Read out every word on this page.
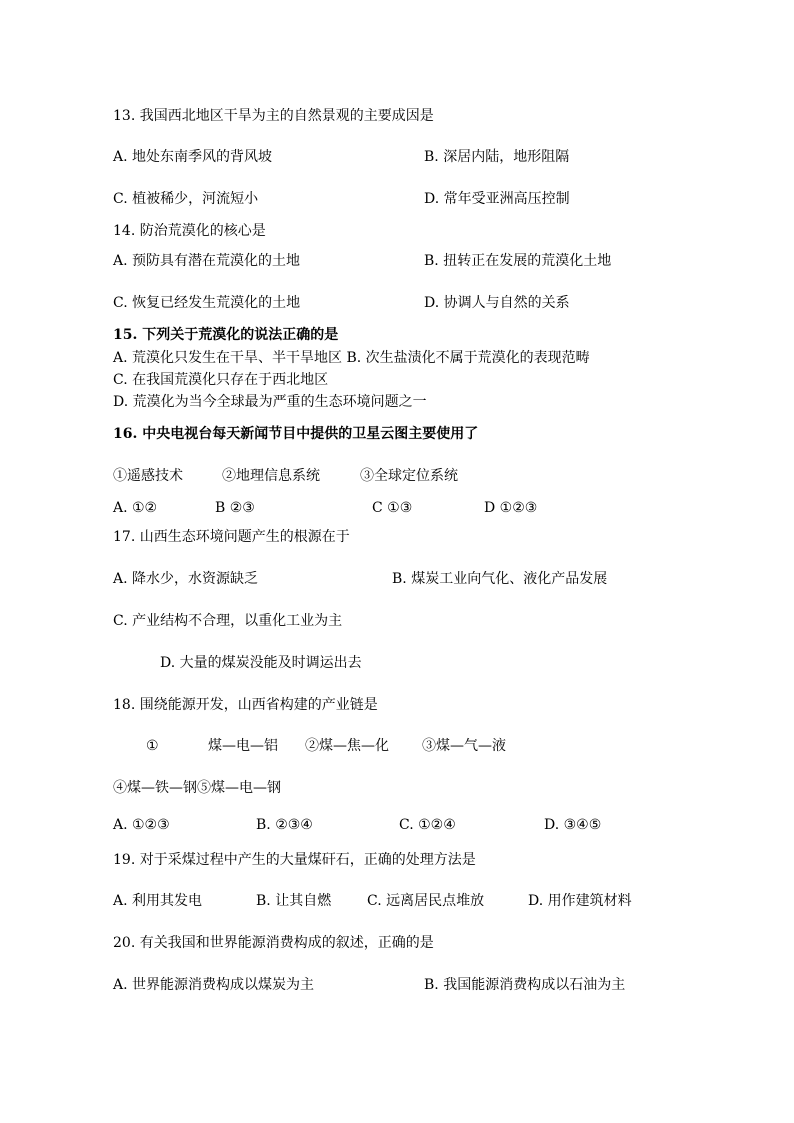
13. 我国西北地区干旱为主的自然景观的主要成因是
A. 地处东南季风的背风坡	B. 深居内陆，地形阻隔
C. 植被稀少，河流短小	D. 常年受亚洲高压控制
14. 防治荒漠化的核心是
A. 预防具有潜在荒漠化的土地	B. 扭转正在发展的荒漠化土地
C. 恢复已经发生荒漠化的土地	D. 协调人与自然的关系
15. 下列关于荒漠化的说法正确的是
A. 荒漠化只发生在干旱、半干旱地区 B. 次生盐渍化不属于荒漠化的表现范畴
C. 在我国荒漠化只存在于西北地区
D. 荒漠化为当今全球最为严重的生态环境问题之一
16. 中央电视台每天新闻节目中提供的卫星云图主要使用了
①遥感技术	②地理信息系统	③全球定位系统
A. ①②	B ②③	C ①③	D ①②③
17. 山西生态环境问题产生的根源在于
A. 降水少，水资源缺乏	B. 煤炭工业向气化、液化产品发展
C. 产业结构不合理，以重化工业为主
D. 大量的煤炭没能及时调运出去
18. 围绕能源开发，山西省构建的产业链是
①	煤—电—铝 ②煤—焦—化 ③煤—气—液
④煤—铁—钢⑤煤—电—钢
A. ①②③	B. ②③④	C. ①②④	D. ③④⑤
19. 对于采煤过程中产生的大量煤矸石，正确的处理方法是
A. 利用其发电	B. 让其自燃	C. 远离居民点堆放	D. 用作建筑材料
20. 有关我国和世界能源消费构成的叙述，正确的是
A. 世界能源消费构成以煤炭为主	B. 我国能源消费构成以石油为主
